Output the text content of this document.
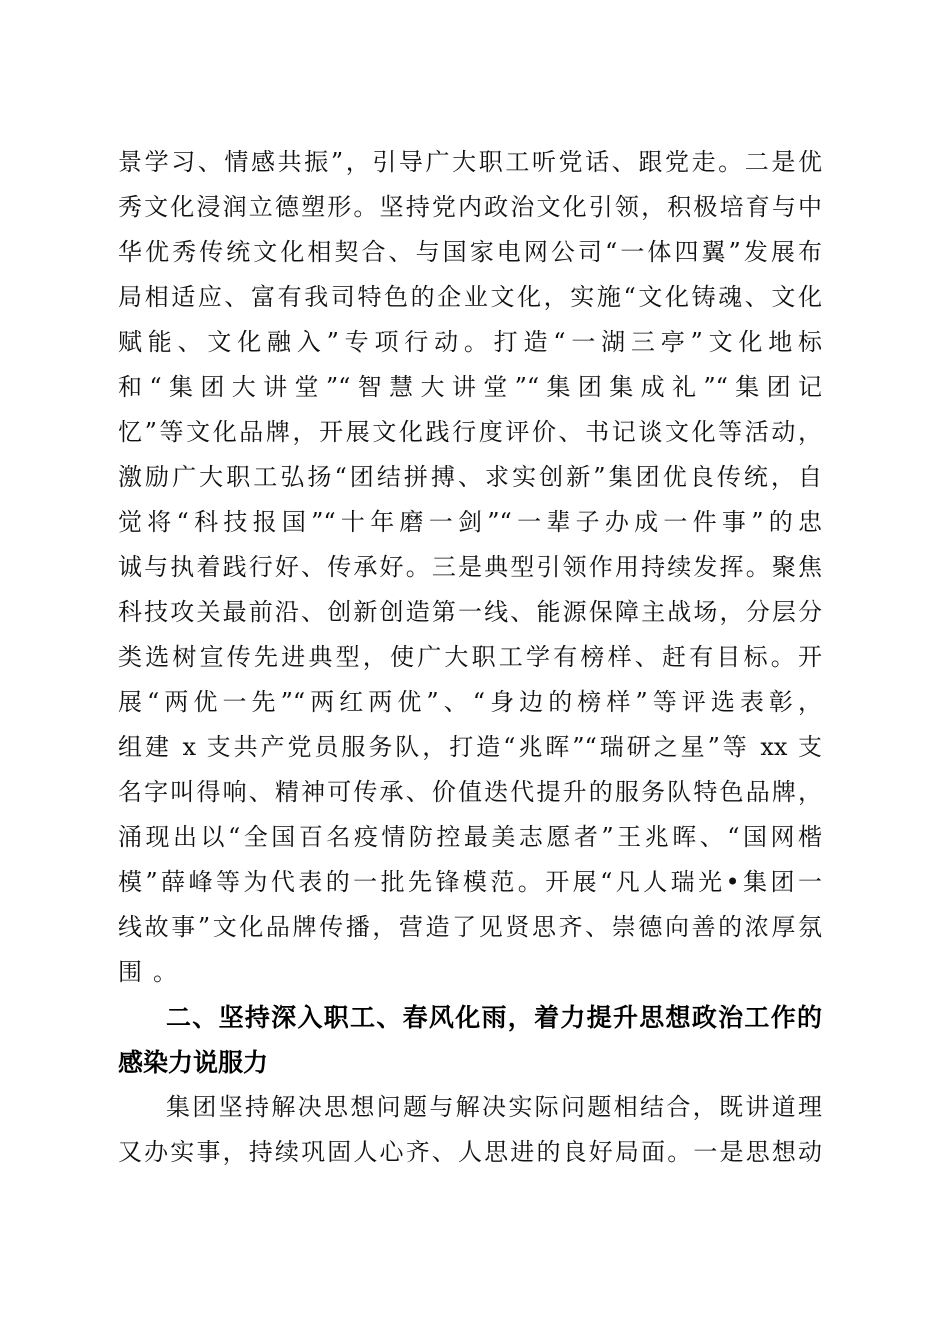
景学习、情感共振”，引导广大职工听党话、跟党走。二是优
秀文化浸润立德塑形。坚持党内政治文化引领，积极培育与中
华优秀传统文化相契合、与国家电网公司“一体四翼”发展布
局相适应、富有我司特色的企业文化，实施“文化铸魂、文化
赋能、文化融入”专项行动。打造“一湖三亭”文化地标
和“集团大讲堂”“智慧大讲堂”“集团集成礼”“集团记
忆”等文化品牌，开展文化践行度评价、书记谈文化等活动，
激励广大职工弘扬“团结拼搏、求实创新”集团优良传统，自
觉将“科技报国”“十年磨一剑”“一辈子办成一件事”的忠
诚与执着践行好、传承好。三是典型引领作用持续发挥。聚焦
科技攻关最前沿、创新创造第一线、能源保障主战场，分层分
类选树宣传先进典型，使广大职工学有榜样、赶有目标。开
展“两优一先”“两红两优”、“身边的榜样”等评选表彰，
组建 x 支共产党员服务队，打造“兆晖”“瑞研之星”等 xx 支
名字叫得响、精神可传承、价值迭代提升的服务队特色品牌，
涌现出以“全国百名疫情防控最美志愿者”王兆晖、“国网楷
模”薛峰等为代表的一批先锋模范。开展“凡人瑞光•集团一
线故事”文化品牌传播，营造了见贤思齐、崇德向善的浓厚氛
围。
二、坚持深入职工、春风化雨，着力提升思想政治工作的
感染力说服力
集团坚持解决思想问题与解决实际问题相结合，既讲道理
又办实事，持续巩固人心齐、人思进的良好局面。一是思想动
